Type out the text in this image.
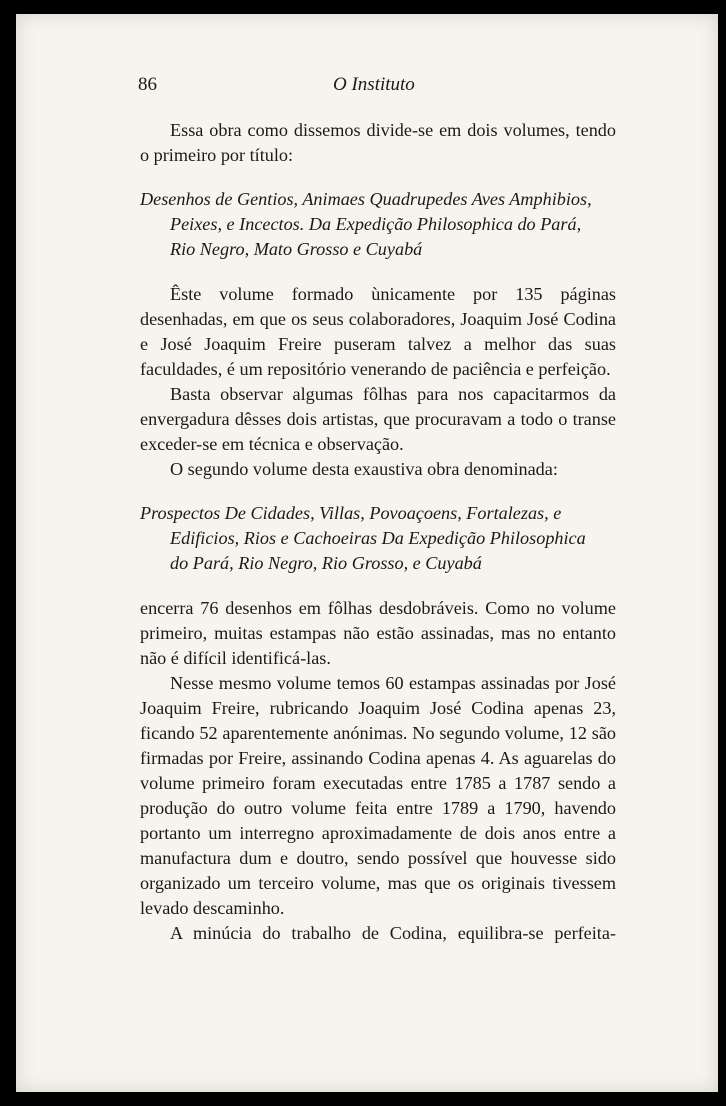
86	O Instituto

Essa obra como dissemos divide-se em dois volumes, tendo o primeiro por título:

Desenhos de Gentios, Animaes Quadrupedes Aves Amphibios,
Peixes, e Incectos. Da Expedição Philosophica do Pará,
Rio Negro, Mato Grosso e Cuyabá

Êste volume formado ùnicamente por 135 páginas desenhadas, em que os seus colaboradores, Joaquim José Codina e José Joaquim Freire puseram talvez a melhor das suas faculdades, é um repositório venerando de paciência e perfeição.

Basta observar algumas fôlhas para nos capacitarmos da envergadura dêsses dois artistas, que procuravam a todo o transe exceder-se em técnica e observação.

O segundo volume desta exaustiva obra denominada:

Prospectos De Cidades, Villas, Povoaçoens, Fortalezas, e
Edificios, Rios e Cachoeiras Da Expedição Philosophica
do Pará, Rio Negro, Rio Grosso, e Cuyabá

encerra 76 desenhos em fôlhas desdobráveis. Como no volume primeiro, muitas estampas não estão assinadas, mas no entanto não é difícil identificá-las.

Nesse mesmo volume temos 60 estampas assinadas por José Joaquim Freire, rubricando Joaquim José Codina apenas 23, ficando 52 aparentemente anónimas. No segundo volume, 12 são firmadas por Freire, assinando Codina apenas 4. As aguarelas do volume primeiro foram executadas entre 1785 a 1787 sendo a produção do outro volume feita entre 1789 a 1790, havendo portanto um interregno aproximadamente de dois anos entre a manufactura dum e doutro, sendo possível que houvesse sido organizado um terceiro volume, mas que os originais tivessem levado descaminho.

A minúcia do trabalho de Codina, equilibra-se perfeita-
